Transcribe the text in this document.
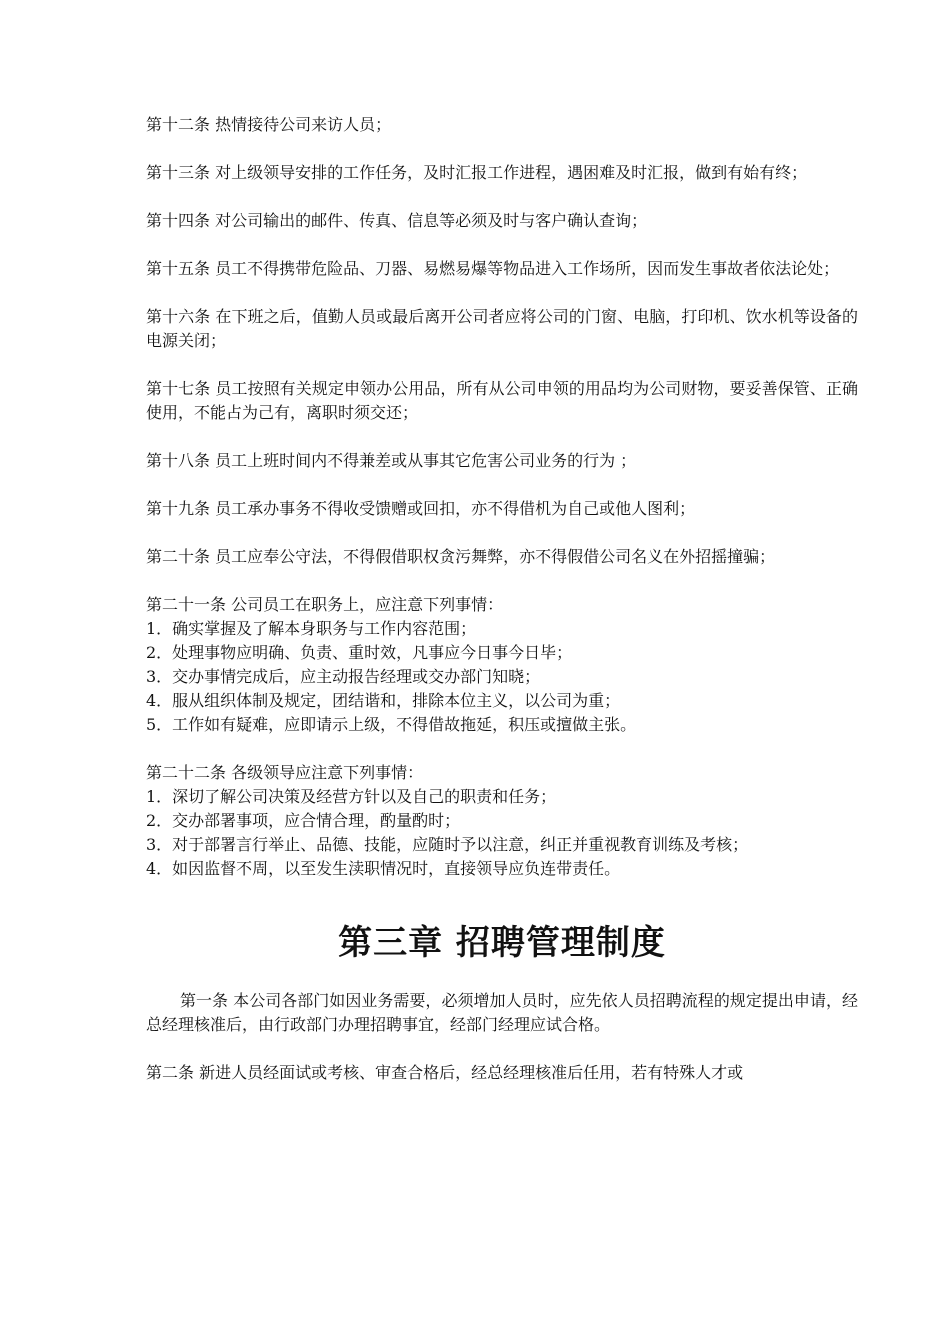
第十二条 热情接待公司来访人员；

第十三条 对上级领导安排的工作任务，及时汇报工作进程，遇困难及时汇报，做到有始有终；

第十四条 对公司输出的邮件、传真、信息等必须及时与客户确认查询；

第十五条 员工不得携带危险品、刀器、易燃易爆等物品进入工作场所，因而发生事故者依法论处；

第十六条 在下班之后，值勤人员或最后离开公司者应将公司的门窗、电脑，打印机、饮水机等设备的电源关闭；

第十七条 员工按照有关规定申领办公用品，所有从公司申领的用品均为公司财物，要妥善保管、正确使用，不能占为己有，离职时须交还；

第十八条 员工上班时间内不得兼差或从事其它危害公司业务的行为 ；

第十九条 员工承办事务不得收受馈赠或回扣，亦不得借机为自己或他人图利；

第二十条 员工应奉公守法，不得假借职权贪污舞弊，亦不得假借公司名义在外招摇撞骗；

第二十一条 公司员工在职务上，应注意下列事情：

1．确实掌握及了解本身职务与工作内容范围；

2．处理事物应明确、负责、重时效，凡事应今日事今日毕；

3．交办事情完成后，应主动报告经理或交办部门知晓；

4．服从组织体制及规定，团结谐和，排除本位主义，以公司为重；

5．工作如有疑难，应即请示上级，不得借故拖延，积压或擅做主张。

第二十二条 各级领导应注意下列事情：

1．深切了解公司决策及经营方针以及自己的职责和任务；

2．交办部署事项，应合情合理，酌量酌时；

3．对于部署言行举止、品德、技能，应随时予以注意，纠正并重视教育训练及考核；

4．如因监督不周，以至发生渎职情况时，直接领导应负连带责任。

第三章 招聘管理制度

第一条 本公司各部门如因业务需要，必须增加人员时，应先依人员招聘流程的规定提出申请，经总经理核准后，由行政部门办理招聘事宜，经部门经理应试合格。

第二条 新进人员经面试或考核、审查合格后，经总经理核准后任用，若有特殊人才或
